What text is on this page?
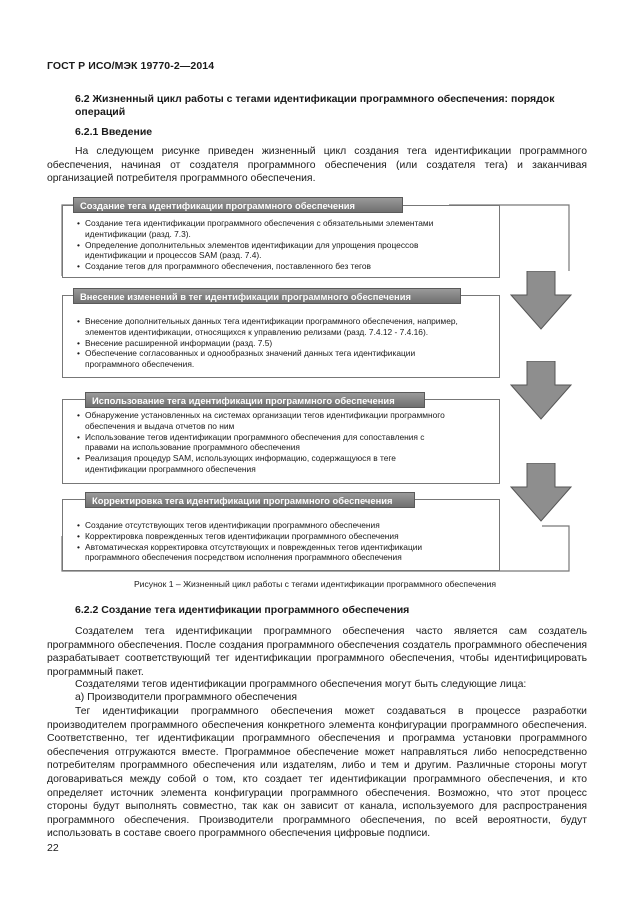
ГОСТ Р ИСО/МЭК 19770-2—2014
6.2 Жизненный цикл работы с тегами идентификации программного обеспечения: порядок операций
6.2.1 Введение
На следующем рисунке приведен жизненный цикл создания тега идентификации программного обеспечения, начиная от создателя программного обеспечения (или создателя тега) и заканчивая организацией потребителя программного обеспечения.
Создание тега идентификации программного обеспечения
• Создание тега идентификации программного обеспечения с обязательными элементами идентификации (разд. 7.3).
• Определение дополнительных элементов идентификации для упрощения процессов идентификации и процессов SAM (разд. 7.4).
• Создание тегов для программного обеспечения, поставленного без тегов
Внесение изменений в тег идентификации программного обеспечения
• Внесение дополнительных данных тега идентификации программного обеспечения, например, элементов идентификации, относящихся к управлению релизами (разд. 7.4.12 - 7.4.16).
• Внесение расширенной информации (разд. 7.5)
• Обеспечение согласованных и однообразных значений данных тега идентификации программного обеспечения.
Использование тега идентификации программного обеспечения
• Обнаружение установленных на системах организации тегов идентификации программного обеспечения и выдача отчетов по ним
• Использование тегов идентификации программного обеспечения для сопоставления с правами на использование программного обеспечения
• Реализация процедур SAM, использующих информацию, содержащуюся в теге идентификации программного обеспечения
Корректировка тега идентификации программного обеспечения
• Создание отсутствующих тегов идентификации программного обеспечения
• Корректировка поврежденных тегов идентификации программного обеспечения
• Автоматическая корректировка отсутствующих и поврежденных тегов идентификации программного обеспечения посредством исполнения программного обеспечения
Рисунок 1 – Жизненный цикл работы с тегами идентификации программного обеспечения
6.2.2 Создание тега идентификации программного обеспечения
Создателем тега идентификации программного обеспечения часто является сам создатель программного обеспечения. После создания программного обеспечения создатель программного обеспечения разрабатывает соответствующий тег идентификации программного обеспечения, чтобы идентифицировать программный пакет.
Создателями тегов идентификации программного обеспечения могут быть следующие лица:
а) Производители программного обеспечения
Тег идентификации программного обеспечения может создаваться в процессе разработки производителем программного обеспечения конкретного элемента конфигурации программного обеспечения. Соответственно, тег идентификации программного обеспечения и программа установки программного обеспечения отгружаются вместе. Программное обеспечение может направляться либо непосредственно потребителям программного обеспечения или издателям, либо и тем и другим. Различные стороны могут договариваться между собой о том, кто создает тег идентификации программного обеспечения, и кто определяет источник элемента конфигурации программного обеспечения. Возможно, что этот процесс стороны будут выполнять совместно, так как он зависит от канала, используемого для распространения программного обеспечения. Производители программного обеспечения, по всей вероятности, будут использовать в составе своего программного обеспечения цифровые подписи.
22
